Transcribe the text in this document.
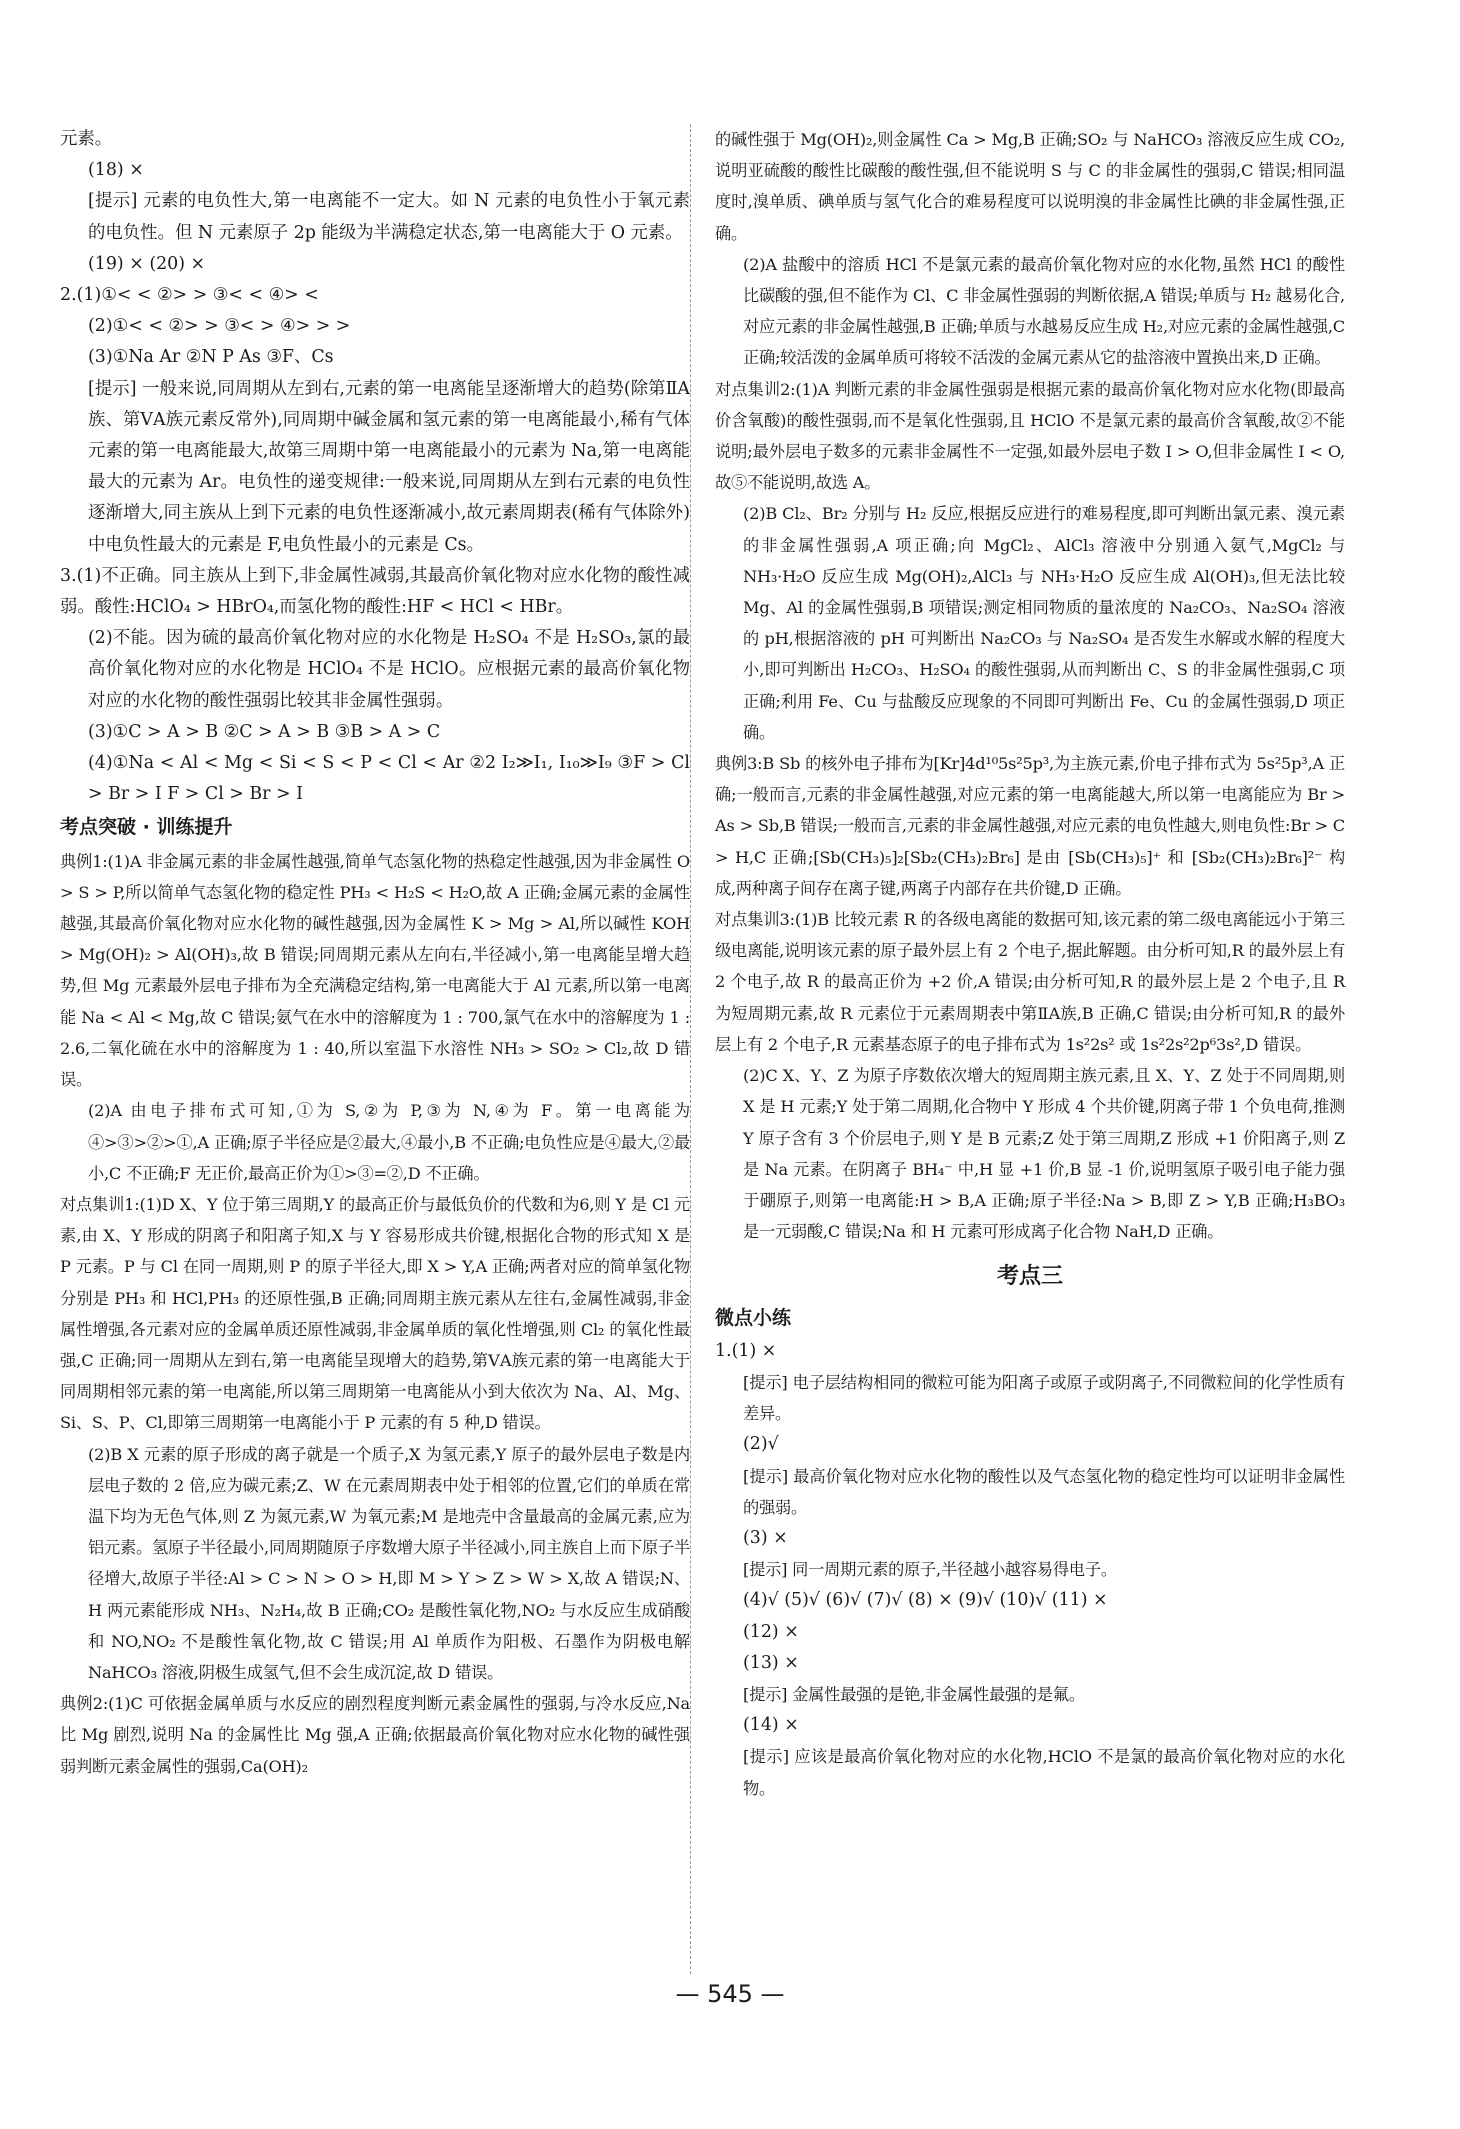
元素。
(18) ×
[提示] 元素的电负性大,第一电离能不一定大。如 N 元素的电负性小于氧元素的电负性。但 N 元素原子 2p 能级为半满稳定状态,第一电离能大于 O 元素。
(19) × (20) ×
2.(1)①< < ②> > ③< < ④> <
(2)①< < ②> > ③< > ④> > >
(3)①Na Ar ②N P As ③F、Cs
[提示] 一般来说,同周期从左到右,元素的第一电离能呈逐渐增大的趋势(除第ⅡA族、第ⅤA族元素反常外),同周期中碱金属和氢元素的第一电离能最小,稀有气体元素的第一电离能最大,故第三周期中第一电离能最小的元素为 Na,第一电离能最大的元素为 Ar。电负性的递变规律:一般来说,同周期从左到右元素的电负性逐渐增大,同主族从上到下元素的电负性逐渐减小,故元素周期表(稀有气体除外)中电负性最大的元素是 F,电负性最小的元素是 Cs。
3.(1)不正确。同主族从上到下,非金属性减弱,其最高价氧化物对应水化物的酸性减弱。酸性:HClO₄ > HBrO₄,而氢化物的酸性:HF < HCl < HBr。
(2)不能。因为硫的最高价氧化物对应的水化物是 H₂SO₄ 不是 H₂SO₃,氯的最高价氧化物对应的水化物是 HClO₄ 不是 HClO。应根据元素的最高价氧化物对应的水化物的酸性强弱比较其非金属性强弱。
(3)①C > A > B ②C > A > B ③B > A > C
(4)①Na < Al < Mg < Si < S < P < Cl < Ar ②2 I₂≫I₁, I₁₀≫I₉ ③F > Cl > Br > I F > Cl > Br > I
考点突破 · 训练提升
典例1:(1)A 非金属元素的非金属性越强,简单气态氢化物的热稳定性越强,因为非金属性 O > S > P,所以简单气态氢化物的稳定性 PH₃ < H₂S < H₂O,故 A 正确;金属元素的金属性越强,其最高价氧化物对应水化物的碱性越强,因为金属性 K > Mg > Al,所以碱性 KOH > Mg(OH)₂ > Al(OH)₃,故 B 错误;同周期元素从左向右,半径减小,第一电离能呈增大趋势,但 Mg 元素最外层电子排布为全充满稳定结构,第一电离能大于 Al 元素,所以第一电离能 Na < Al < Mg,故 C 错误;氨气在水中的溶解度为 1 : 700,氯气在水中的溶解度为 1 : 2.6,二氧化硫在水中的溶解度为 1 : 40,所以室温下水溶性 NH₃ > SO₂ > Cl₂,故 D 错误。
(2)A 由电子排布式可知,①为 S,②为 P,③为 N,④为 F。第一电离能为④>③>②>①,A 正确;原子半径应是②最大,④最小,B 不正确;电负性应是④最大,②最小,C 不正确;F 无正价,最高正价为①>③=②,D 不正确。
对点集训1:(1)D X、Y 位于第三周期,Y 的最高正价与最低负价的代数和为6,则 Y 是 Cl 元素,由 X、Y 形成的阴离子和阳离子知,X 与 Y 容易形成共价键,根据化合物的形式知 X 是 P 元素。P 与 Cl 在同一周期,则 P 的原子半径大,即 X > Y,A 正确;两者对应的简单氢化物分别是 PH₃ 和 HCl,PH₃ 的还原性强,B 正确;同周期主族元素从左往右,金属性减弱,非金属性增强,各元素对应的金属单质还原性减弱,非金属单质的氧化性增强,则 Cl₂ 的氧化性最强,C 正确;同一周期从左到右,第一电离能呈现增大的趋势,第ⅤA族元素的第一电离能大于同周期相邻元素的第一电离能,所以第三周期第一电离能从小到大依次为 Na、Al、Mg、Si、S、P、Cl,即第三周期第一电离能小于 P 元素的有 5 种,D 错误。
(2)B X 元素的原子形成的离子就是一个质子,X 为氢元素,Y 原子的最外层电子数是内层电子数的 2 倍,应为碳元素;Z、W 在元素周期表中处于相邻的位置,它们的单质在常温下均为无色气体,则 Z 为氮元素,W 为氧元素;M 是地壳中含量最高的金属元素,应为铝元素。氢原子半径最小,同周期随原子序数增大原子半径减小,同主族自上而下原子半径增大,故原子半径:Al > C > N > O > H,即 M > Y > Z > W > X,故 A 错误;N、H 两元素能形成 NH₃、N₂H₄,故 B 正确;CO₂ 是酸性氧化物,NO₂ 与水反应生成硝酸和 NO,NO₂ 不是酸性氧化物,故 C 错误;用 Al 单质作为阳极、石墨作为阴极电解 NaHCO₃ 溶液,阴极生成氢气,但不会生成沉淀,故 D 错误。
典例2:(1)C 可依据金属单质与水反应的剧烈程度判断元素金属性的强弱,与冷水反应,Na 比 Mg 剧烈,说明 Na 的金属性比 Mg 强,A 正确;依据最高价氧化物对应水化物的碱性强弱判断元素金属性的强弱,Ca(OH)₂
的碱性强于 Mg(OH)₂,则金属性 Ca > Mg,B 正确;SO₂ 与 NaHCO₃ 溶液反应生成 CO₂,说明亚硫酸的酸性比碳酸的酸性强,但不能说明 S 与 C 的非金属性的强弱,C 错误;相同温度时,溴单质、碘单质与氢气化合的难易程度可以说明溴的非金属性比碘的非金属性强,正确。
(2)A 盐酸中的溶质 HCl 不是氯元素的最高价氧化物对应的水化物,虽然 HCl 的酸性比碳酸的强,但不能作为 Cl、C 非金属性强弱的判断依据,A 错误;单质与 H₂ 越易化合,对应元素的非金属性越强,B 正确;单质与水越易反应生成 H₂,对应元素的金属性越强,C 正确;较活泼的金属单质可将较不活泼的金属元素从它的盐溶液中置换出来,D 正确。
对点集训2:(1)A 判断元素的非金属性强弱是根据元素的最高价氧化物对应水化物(即最高价含氧酸)的酸性强弱,而不是氧化性强弱,且 HClO 不是氯元素的最高价含氧酸,故②不能说明;最外层电子数多的元素非金属性不一定强,如最外层电子数 I > O,但非金属性 I < O,故⑤不能说明,故选 A。
(2)B Cl₂、Br₂ 分别与 H₂ 反应,根据反应进行的难易程度,即可判断出氯元素、溴元素的非金属性强弱,A 项正确;向 MgCl₂、AlCl₃ 溶液中分别通入氨气,MgCl₂ 与 NH₃·H₂O 反应生成 Mg(OH)₂,AlCl₃ 与 NH₃·H₂O 反应生成 Al(OH)₃,但无法比较 Mg、Al 的金属性强弱,B 项错误;测定相同物质的量浓度的 Na₂CO₃、Na₂SO₄ 溶液的 pH,根据溶液的 pH 可判断出 Na₂CO₃ 与 Na₂SO₄ 是否发生水解或水解的程度大小,即可判断出 H₂CO₃、H₂SO₄ 的酸性强弱,从而判断出 C、S 的非金属性强弱,C 项正确;利用 Fe、Cu 与盐酸反应现象的不同即可判断出 Fe、Cu 的金属性强弱,D 项正确。
典例3:B Sb 的核外电子排布为[Kr]4d¹⁰5s²5p³,为主族元素,价电子排布式为 5s²5p³,A 正确;一般而言,元素的非金属性越强,对应元素的第一电离能越大,所以第一电离能应为 Br > As > Sb,B 错误;一般而言,元素的非金属性越强,对应元素的电负性越大,则电负性:Br > C > H,C 正确;[Sb(CH₃)₅]₂[Sb₂(CH₃)₂Br₆] 是由 [Sb(CH₃)₅]⁺ 和 [Sb₂(CH₃)₂Br₆]²⁻ 构成,两种离子间存在离子键,两离子内部存在共价键,D 正确。
对点集训3:(1)B 比较元素 R 的各级电离能的数据可知,该元素的第二级电离能远小于第三级电离能,说明该元素的原子最外层上有 2 个电子,据此解题。由分析可知,R 的最外层上有 2 个电子,故 R 的最高正价为 +2 价,A 错误;由分析可知,R 的最外层上是 2 个电子,且 R 为短周期元素,故 R 元素位于元素周期表中第ⅡA族,B 正确,C 错误;由分析可知,R 的最外层上有 2 个电子,R 元素基态原子的电子排布式为 1s²2s² 或 1s²2s²2p⁶3s²,D 错误。
(2)C X、Y、Z 为原子序数依次增大的短周期主族元素,且 X、Y、Z 处于不同周期,则 X 是 H 元素;Y 处于第二周期,化合物中 Y 形成 4 个共价键,阴离子带 1 个负电荷,推测 Y 原子含有 3 个价层电子,则 Y 是 B 元素;Z 处于第三周期,Z 形成 +1 价阳离子,则 Z 是 Na 元素。在阴离子 BH₄⁻ 中,H 显 +1 价,B 显 -1 价,说明氢原子吸引电子能力强于硼原子,则第一电离能:H > B,A 正确;原子半径:Na > B,即 Z > Y,B 正确;H₃BO₃ 是一元弱酸,C 错误;Na 和 H 元素可形成离子化合物 NaH,D 正确。
考点三
微点小练
1.(1) ×
[提示] 电子层结构相同的微粒可能为阳离子或原子或阴离子,不同微粒间的化学性质有差异。
(2)√
[提示] 最高价氧化物对应水化物的酸性以及气态氢化物的稳定性均可以证明非金属性的强弱。
(3) ×
[提示] 同一周期元素的原子,半径越小越容易得电子。
(4)√ (5)√ (6)√ (7)√ (8) × (9)√ (10)√ (11) ×
(12) ×
(13) ×
[提示] 金属性最强的是铯,非金属性最强的是氟。
(14) ×
[提示] 应该是最高价氧化物对应的水化物,HClO 不是氯的最高价氧化物对应的水化物。
— 545 —
